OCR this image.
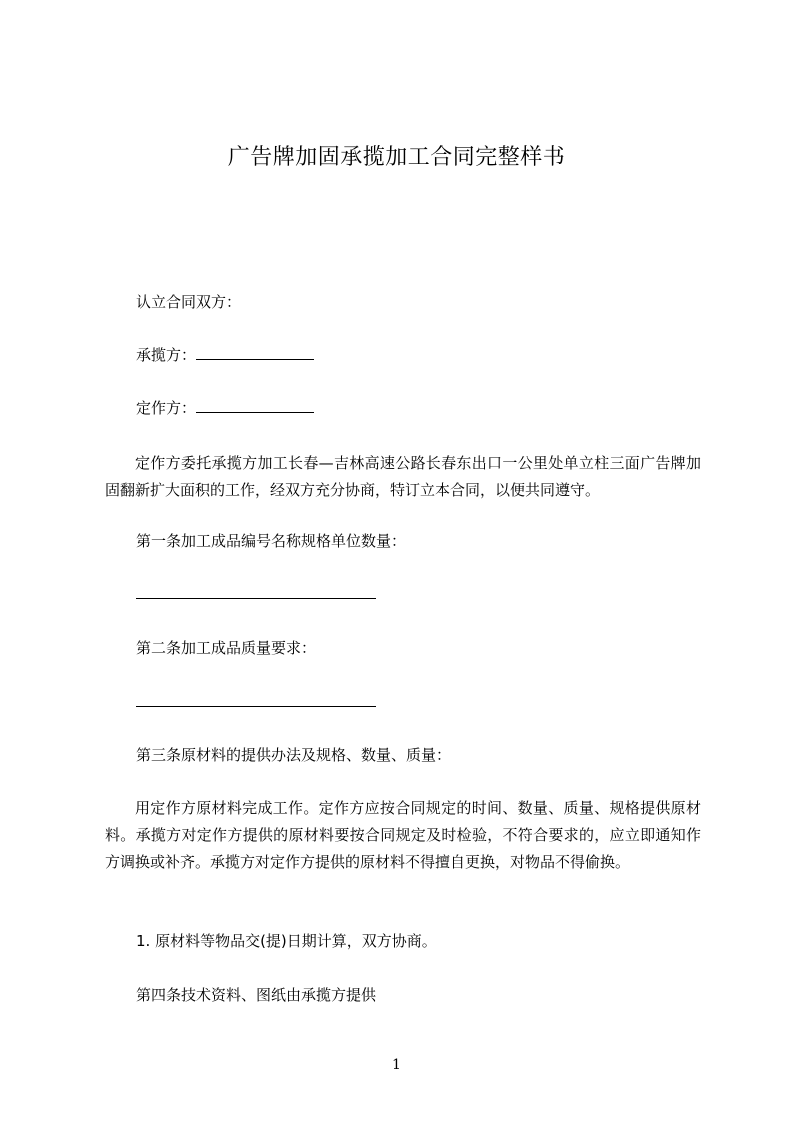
广告牌加固承揽加工合同完整样书
认立合同双方：
承揽方：
定作方：
定作方委托承揽方加工长春—吉林高速公路长春东出口一公里处单立柱三面广告牌加固翻新扩大面积的工作，经双方充分协商，特订立本合同，以便共同遵守。
第一条加工成品编号名称规格单位数量：
第二条加工成品质量要求：
第三条原材料的提供办法及规格、数量、质量：
用定作方原材料完成工作。定作方应按合同规定的时间、数量、质量、规格提供原材料。承揽方对定作方提供的原材料要按合同规定及时检验，不符合要求的，应立即通知作方调换或补齐。承揽方对定作方提供的原材料不得擅自更换，对物品不得偷换。
1. 原材料等物品交(提)日期计算，双方协商。
第四条技术资料、图纸由承揽方提供
1
